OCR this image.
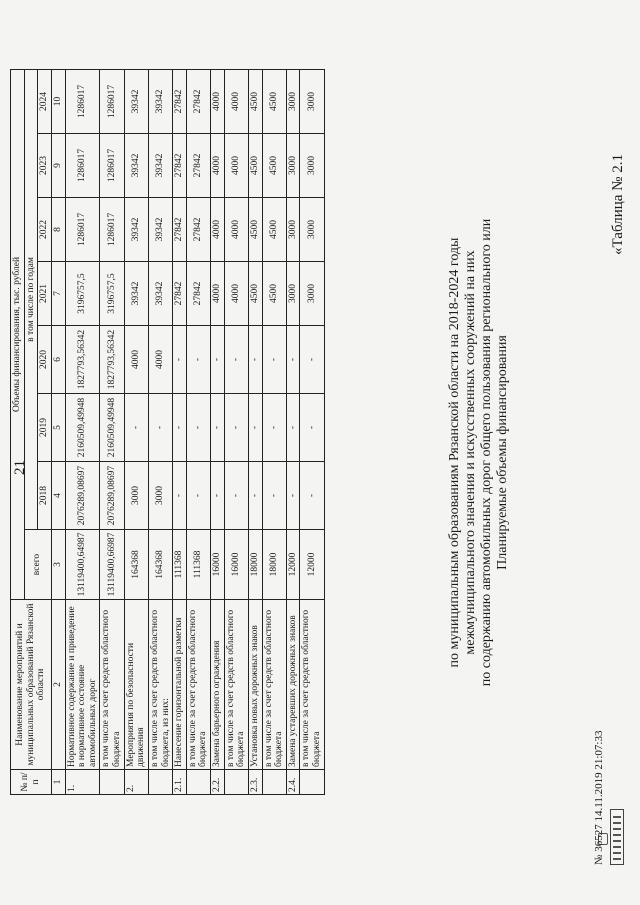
21
«Таблица № 2.1
Планируемые объемы финансирования
по содержанию автомобильных дорог общего пользования регионального или
межмуниципального значения и искусственных сооружений на них
по муниципальным образованиям Рязанской области на 2018-2024 годы
№ п/п	Наименование мероприятий и муниципальных образований Рязанской области	Объемы финансирования, тыс. рублей							
		всего	в том числе по годам						
			2018	2019	2020	2021	2022	2023	2024
1	2	3	4	5	6	7	8	9	10
1.	Нормативное содержание и приведение в нормативное состояние автомобильных дорог	13119400,64987	2076289,08697	2160509,49948	1827793,56342	3196757,5	1286017	1286017	1286017
	в том числе за счет средств областного бюджета	13119400,66987	2076289,08697	2160509,49948	1827793,56342	3196757,5	1286017	1286017	1286017
2.	Мероприятия по безопасности движения	164368	3000	-	4000	39342	39342	39342	39342
	в том числе за счет средств областного бюджета, из них:	164368	3000	-	4000	39342	39342	39342	39342
2.1.	Нанесение горизонтальной разметки	111368	-	-	-	27842	27842	27842	27842
	в том числе за счет средств областного бюджета	111368	-	-	-	27842	27842	27842	27842
2.2.	Замена барьерного ограждения	16000	-	-	-	4000	4000	4000	4000
	в том числе за счет средств областного бюджета	16000	-	-	-	4000	4000	4000	4000
2.3.	Установка новых дорожных знаков	18000	-	-	-	4500	4500	4500	4500
	в том числе за счет средств областного бюджета	18000	-	-	-	4500	4500	4500	4500
2.4.	Замена устаревших дорожных знаков	12000	-	-	-	3000	3000	3000	3000
	в том числе за счет средств областного бюджета	12000	-	-	-	3000	3000	3000	3000
№ 36527 14.11.2019 21:07:33
